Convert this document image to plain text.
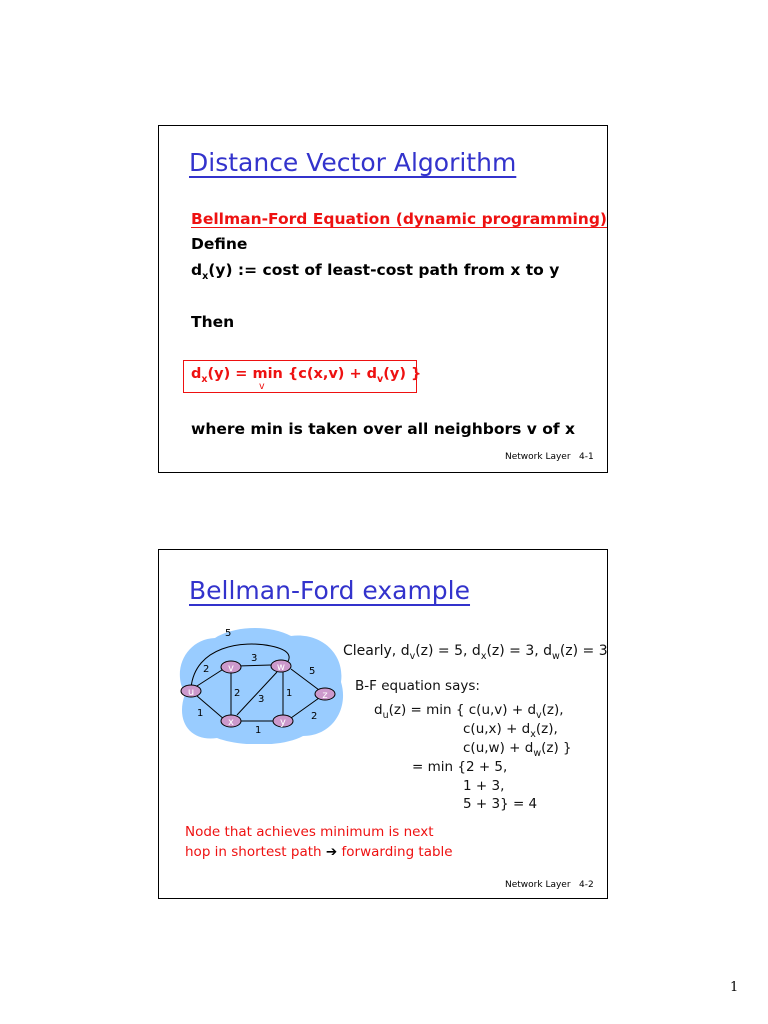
Distance Vector Algorithm
Bellman-Ford Equation (dynamic programming)
Define
$d_x(y)$ := cost of least-cost path from x to y
Then
$d_x(y) = \min \{c(x,v) + d_v(y)$ }
v
where min is taken over all neighbors v of x
Network Layer 4-1
Bellman-Ford example
5
2
1
3
2
3
1
1
5
2
u
v	w
x	y
z
Clearly, $d_v(z) = 5$, $d_x(z) = 3$, $d_w(z) = 3$
B-F equation says:
$d_u(z) = \min$ { $c(u,v) + d_v(z)$,
$c(u,x) + d_x(z)$,
$c(u,w) + d_w(z)$ }
= min {2 + 5,
1 + 3,
5 + 3} = 4
Node that achieves minimum is next
hop in shortest path ➔ forwarding table
Network Layer 4-2
1
